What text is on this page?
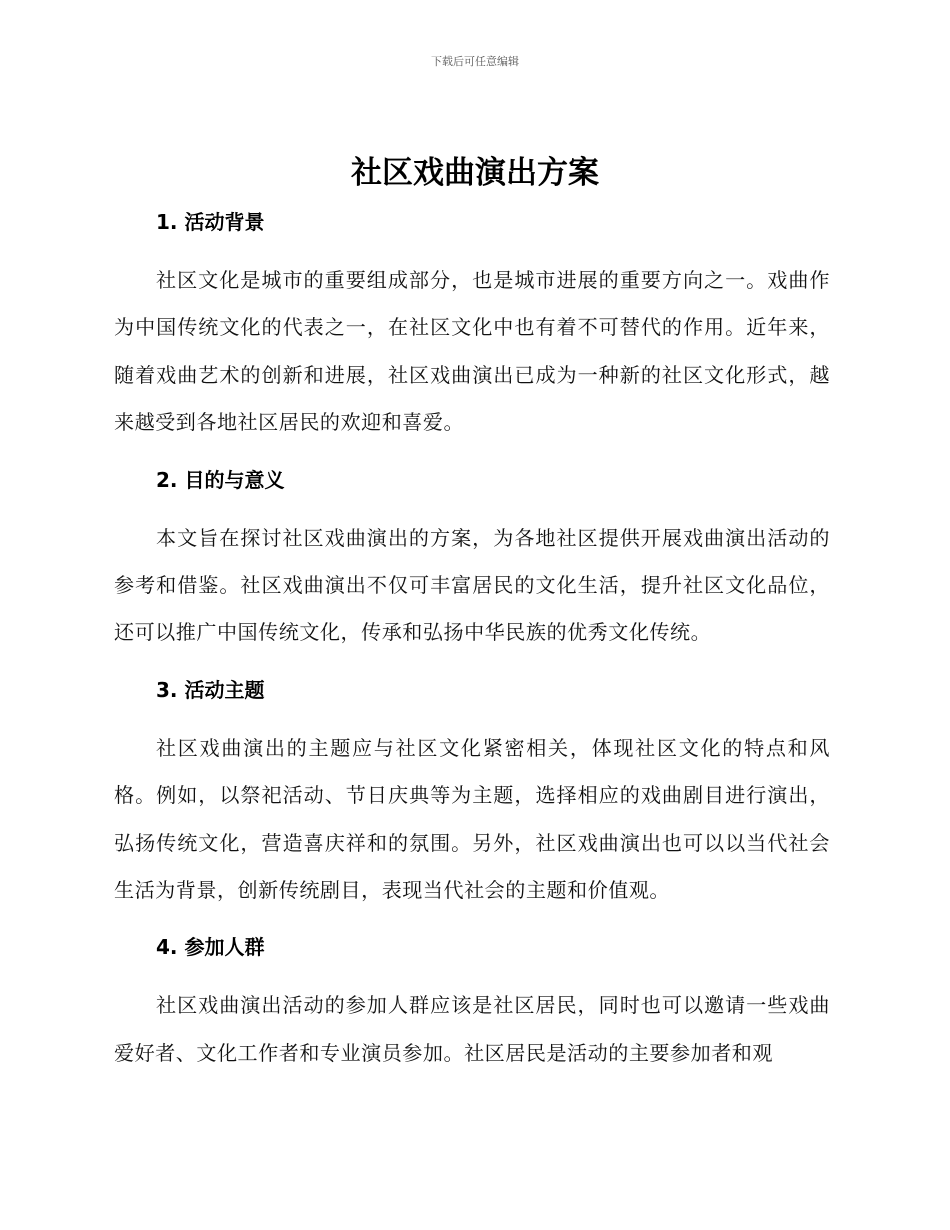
下载后可任意编辑
社区戏曲演出方案
1. 活动背景

社区文化是城市的重要组成部分，也是城市进展的重要方向之一。戏曲作为中国传统文化的代表之一，在社区文化中也有着不可替代的作用。近年来，随着戏曲艺术的创新和进展，社区戏曲演出已成为一种新的社区文化形式，越来越受到各地社区居民的欢迎和喜爱。

2. 目的与意义

本文旨在探讨社区戏曲演出的方案，为各地社区提供开展戏曲演出活动的参考和借鉴。社区戏曲演出不仅可丰富居民的文化生活，提升社区文化品位，还可以推广中国传统文化，传承和弘扬中华民族的优秀文化传统。

3. 活动主题

社区戏曲演出的主题应与社区文化紧密相关，体现社区文化的特点和风格。例如，以祭祀活动、节日庆典等为主题，选择相应的戏曲剧目进行演出，弘扬传统文化，营造喜庆祥和的氛围。另外，社区戏曲演出也可以以当代社会生活为背景，创新传统剧目，表现当代社会的主题和价值观。

4. 参加人群

社区戏曲演出活动的参加人群应该是社区居民，同时也可以邀请一些戏曲爱好者、文化工作者和专业演员参加。社区居民是活动的主要参加者和观
